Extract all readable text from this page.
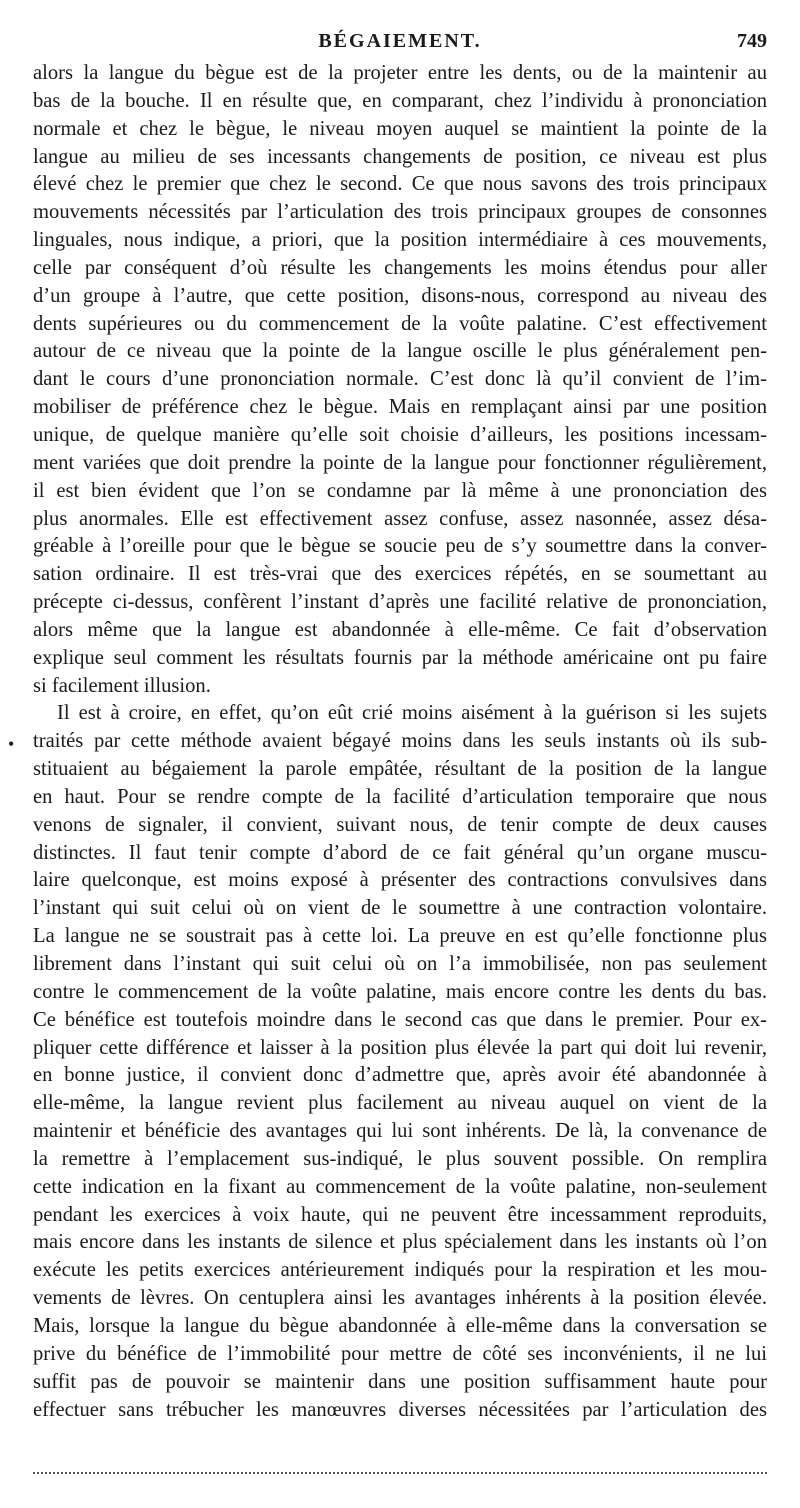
BÉGAIEMENT.	749
•
alors la langue du bègue est de la projeter entre les dents, ou de la maintenir au
bas de la bouche. Il en résulte que, en comparant, chez l’individu à prononciation
normale et chez le bègue, le niveau moyen auquel se maintient la pointe de la
langue au milieu de ses incessants changements de position, ce niveau est plus
élevé chez le premier que chez le second. Ce que nous savons des trois principaux
mouvements nécessités par l’articulation des trois principaux groupes de consonnes
linguales, nous indique, a priori, que la position intermédiaire à ces mouvements,
celle par conséquent d’où résulte les changements les moins étendus pour aller
d’un groupe à l’autre, que cette position, disons-nous, correspond au niveau des
dents supérieures ou du commencement de la voûte palatine. C’est effectivement
autour de ce niveau que la pointe de la langue oscille le plus généralement pen-
dant le cours d’une prononciation normale. C’est donc là qu’il convient de l’im-
mobiliser de préférence chez le bègue. Mais en remplaçant ainsi par une position
unique, de quelque manière qu’elle soit choisie d’ailleurs, les positions incessam-
ment variées que doit prendre la pointe de la langue pour fonctionner régulièrement,
il est bien évident que l’on se condamne par là même à une prononciation des
plus anormales. Elle est effectivement assez confuse, assez nasonnée, assez désa-
gréable à l’oreille pour que le bègue se soucie peu de s’y soumettre dans la conver-
sation ordinaire. Il est très-vrai que des exercices répétés, en se soumettant au
précepte ci-dessus, confèrent l’instant d’après une facilité relative de prononciation,
alors même que la langue est abandonnée à elle-même. Ce fait d’observation
explique seul comment les résultats fournis par la méthode américaine ont pu faire
si facilement illusion.
Il est à croire, en effet, qu’on eût crié moins aisément à la guérison si les sujets
traités par cette méthode avaient bégayé moins dans les seuls instants où ils sub-
stituaient au bégaiement la parole empâtée, résultant de la position de la langue
en haut. Pour se rendre compte de la facilité d’articulation temporaire que nous
venons de signaler, il convient, suivant nous, de tenir compte de deux causes
distinctes. Il faut tenir compte d’abord de ce fait général qu’un organe muscu-
laire quelconque, est moins exposé à présenter des contractions convulsives dans
l’instant qui suit celui où on vient de le soumettre à une contraction volontaire.
La langue ne se soustrait pas à cette loi. La preuve en est qu’elle fonctionne plus
librement dans l’instant qui suit celui où on l’a immobilisée, non pas seulement
contre le commencement de la voûte palatine, mais encore contre les dents du bas.
Ce bénéfice est toutefois moindre dans le second cas que dans le premier. Pour ex-
pliquer cette différence et laisser à la position plus élevée la part qui doit lui revenir,
en bonne justice, il convient donc d’admettre que, après avoir été abandonnée à
elle-même, la langue revient plus facilement au niveau auquel on vient de la
maintenir et bénéficie des avantages qui lui sont inhérents. De là, la convenance de
la remettre à l’emplacement sus-indiqué, le plus souvent possible. On remplira
cette indication en la fixant au commencement de la voûte palatine, non-seulement
pendant les exercices à voix haute, qui ne peuvent être incessamment reproduits,
mais encore dans les instants de silence et plus spécialement dans les instants où l’on
exécute les petits exercices antérieurement indiqués pour la respiration et les mou-
vements de lèvres. On centuplera ainsi les avantages inhérents à la position élevée.
Mais, lorsque la langue du bègue abandonnée à elle-même dans la conversation se
prive du bénéfice de l’immobilité pour mettre de côté ses inconvénients, il ne lui
suffit pas de pouvoir se maintenir dans une position suffisamment haute pour
effectuer sans trébucher les manœuvres diverses nécessitées par l’articulation des
